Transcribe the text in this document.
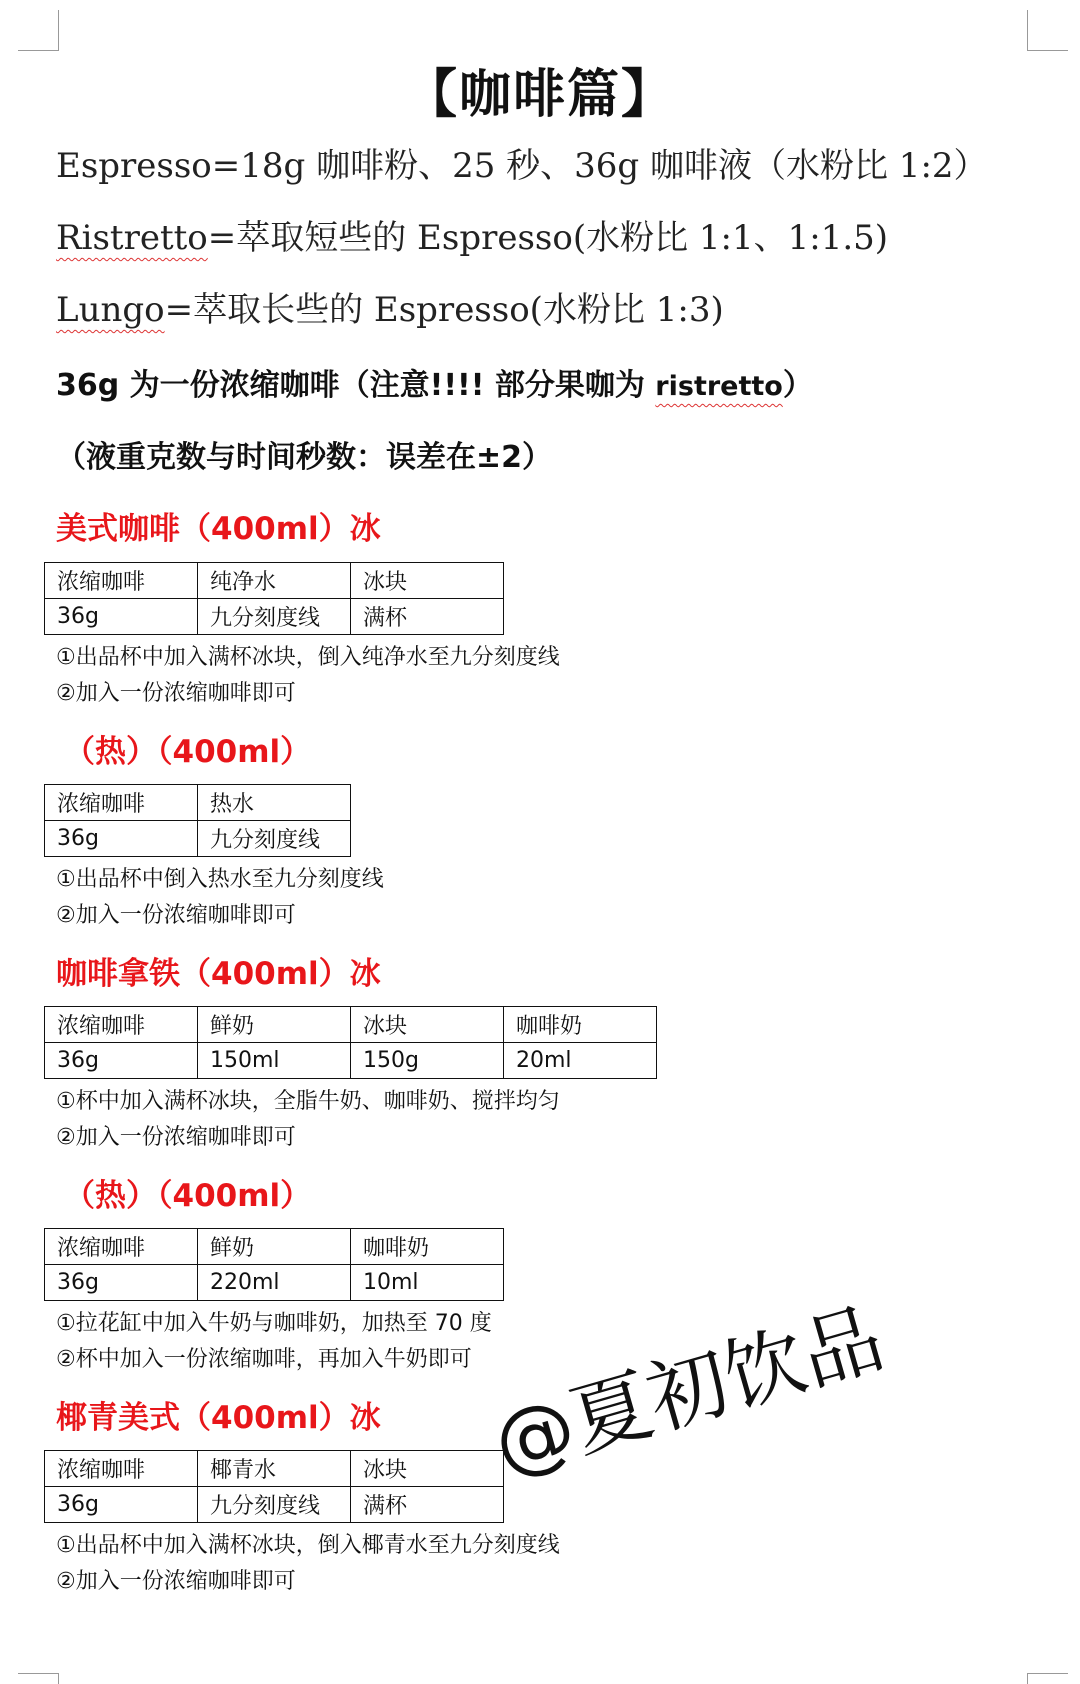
【咖啡篇】
Espresso=18g 咖啡粉、25 秒、36g 咖啡液（水粉比 1:2）
Ristretto=萃取短些的 Espresso(水粉比 1:1、1:1.5)
Lungo=萃取长些的 Espresso(水粉比 1:3)
36g 为一份浓缩咖啡（注意!!!! 部分果咖为 ristretto）
（液重克数与时间秒数：误差在±2）
美式咖啡（400ml）冰
浓缩咖啡	纯净水	冰块
36g	九分刻度线	满杯
①出品杯中加入满杯冰块，倒入纯净水至九分刻度线
②加入一份浓缩咖啡即可
（热）（400ml）
浓缩咖啡	热水
36g	九分刻度线
①出品杯中倒入热水至九分刻度线
②加入一份浓缩咖啡即可
咖啡拿铁（400ml）冰
浓缩咖啡	鲜奶	冰块	咖啡奶
36g	150ml	150g	20ml
①杯中加入满杯冰块，全脂牛奶、咖啡奶、搅拌均匀
②加入一份浓缩咖啡即可
（热）（400ml）
浓缩咖啡	鲜奶	咖啡奶
36g	220ml	10ml
①拉花缸中加入牛奶与咖啡奶，加热至 70 度
②杯中加入一份浓缩咖啡，再加入牛奶即可
椰青美式（400ml）冰
浓缩咖啡	椰青水	冰块
36g	九分刻度线	满杯
①出品杯中加入满杯冰块，倒入椰青水至九分刻度线
②加入一份浓缩咖啡即可
@夏初饮品
